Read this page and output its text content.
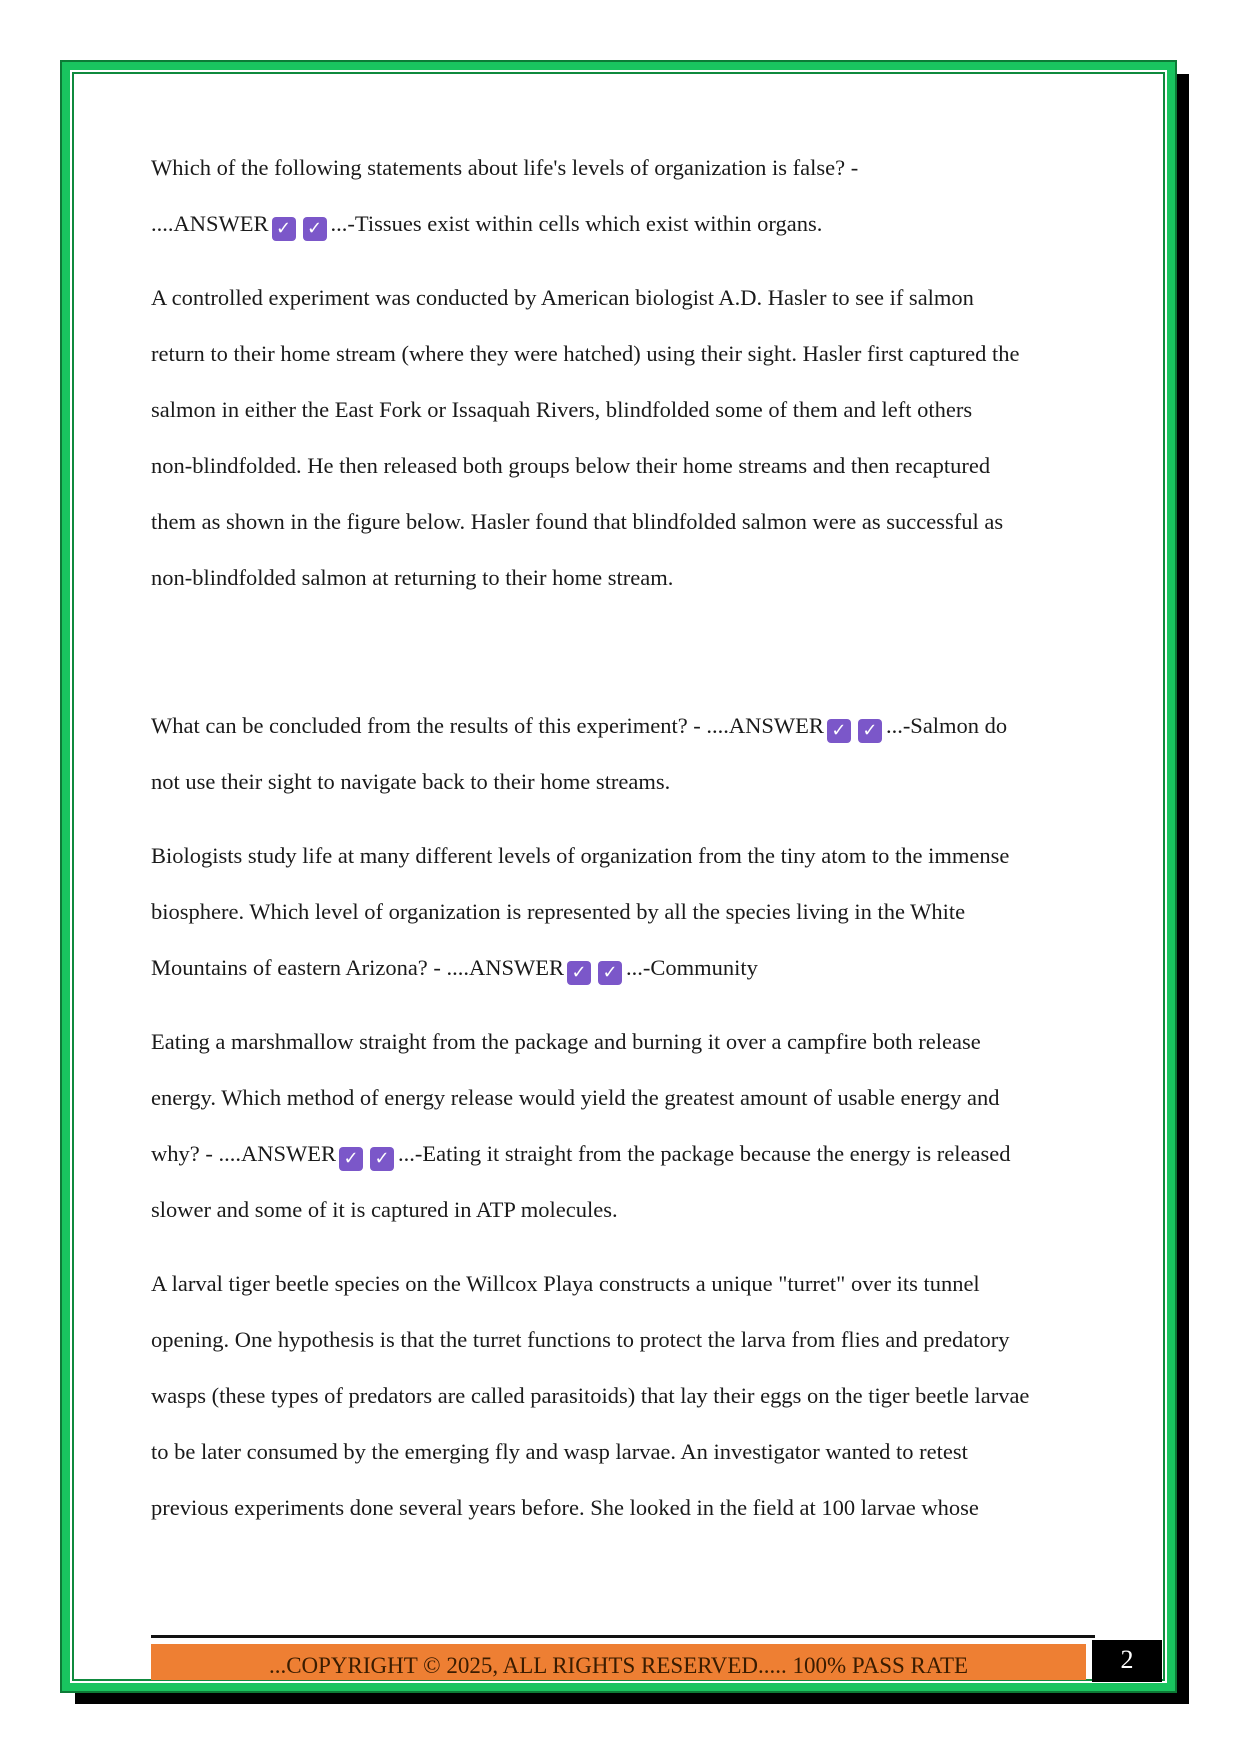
Which of the following statements about life's levels of organization is false? -

....ANSWER ✓ ✓ ...-Tissues exist within cells which exist within organs.

A controlled experiment was conducted by American biologist A.D. Hasler to see if salmon

return to their home stream (where they were hatched) using their sight. Hasler first captured the

salmon in either the East Fork or Issaquah Rivers, blindfolded some of them and left others

non-blindfolded. He then released both groups below their home streams and then recaptured

them as shown in the figure below. Hasler found that blindfolded salmon were as successful as

non-blindfolded salmon at returning to their home stream.

What can be concluded from the results of this experiment? - ....ANSWER ✓ ✓ ...-Salmon do

not use their sight to navigate back to their home streams.

Biologists study life at many different levels of organization from the tiny atom to the immense

biosphere. Which level of organization is represented by all the species living in the White

Mountains of eastern Arizona? - ....ANSWER ✓ ✓ ...-Community

Eating a marshmallow straight from the package and burning it over a campfire both release

energy. Which method of energy release would yield the greatest amount of usable energy and

why? - ....ANSWER ✓ ✓ ...-Eating it straight from the package because the energy is released

slower and some of it is captured in ATP molecules.

A larval tiger beetle species on the Willcox Playa constructs a unique "turret" over its tunnel

opening. One hypothesis is that the turret functions to protect the larva from flies and predatory

wasps (these types of predators are called parasitoids) that lay their eggs on the tiger beetle larvae

to be later consumed by the emerging fly and wasp larvae. An investigator wanted to retest

previous experiments done several years before. She looked in the field at 100 larvae whose

...COPYRIGHT © 2025, ALL RIGHTS RESERVED..... 100% PASS RATE	2
